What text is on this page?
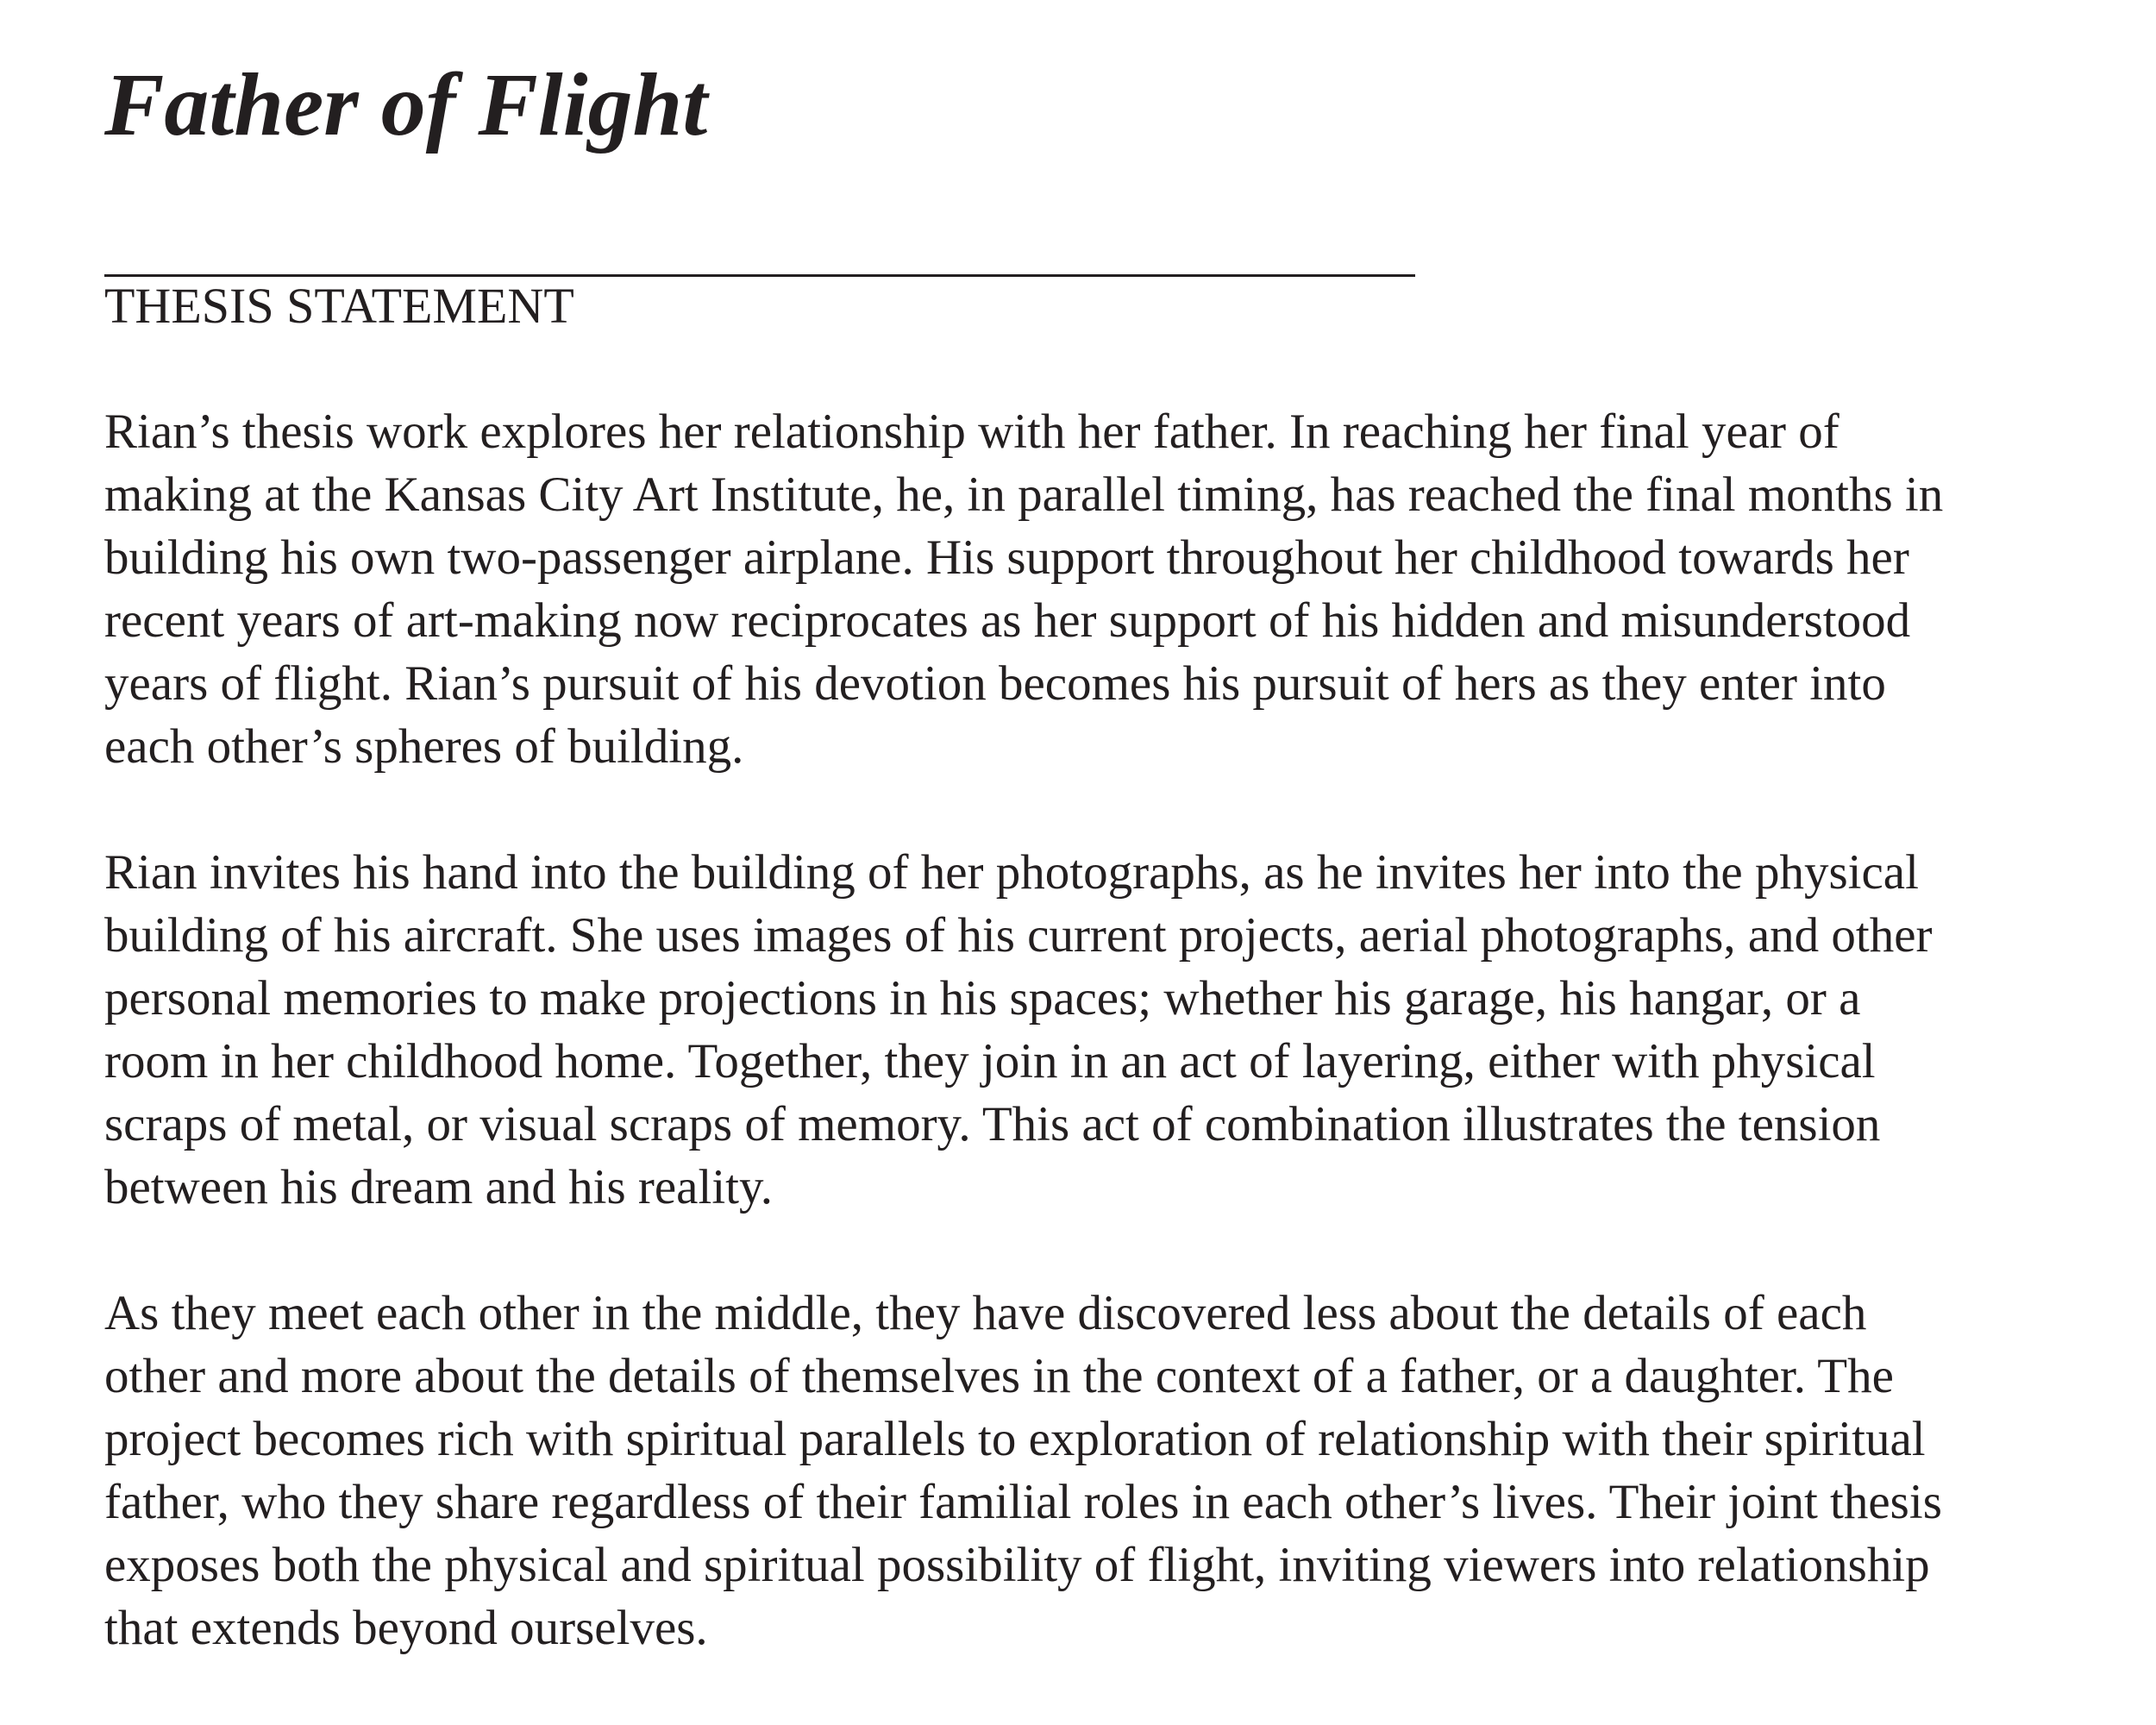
Father of Flight
THESIS STATEMENT

Rian’s thesis work explores her relationship with her father. In reaching her final year of
making at the Kansas City Art Institute, he, in parallel timing, has reached the final months in
building his own two-passenger airplane. His support throughout her childhood towards her
recent years of art-making now reciprocates as her support of his hidden and misunderstood
years of flight. Rian’s pursuit of his devotion becomes his pursuit of hers as they enter into
each other’s spheres of building.

Rian invites his hand into the building of her photographs, as he invites her into the physical
building of his aircraft. She uses images of his current projects, aerial photographs, and other
personal memories to make projections in his spaces; whether his garage, his hangar, or a
room in her childhood home. Together, they join in an act of layering, either with physical
scraps of metal, or visual scraps of memory. This act of combination illustrates the tension
between his dream and his reality.

As they meet each other in the middle, they have discovered less about the details of each
other and more about the details of themselves in the context of a father, or a daughter. The
project becomes rich with spiritual parallels to exploration of relationship with their spiritual
father, who they share regardless of their familial roles in each other’s lives. Their joint thesis
exposes both the physical and spiritual possibility of flight, inviting viewers into relationship
that extends beyond ourselves.
